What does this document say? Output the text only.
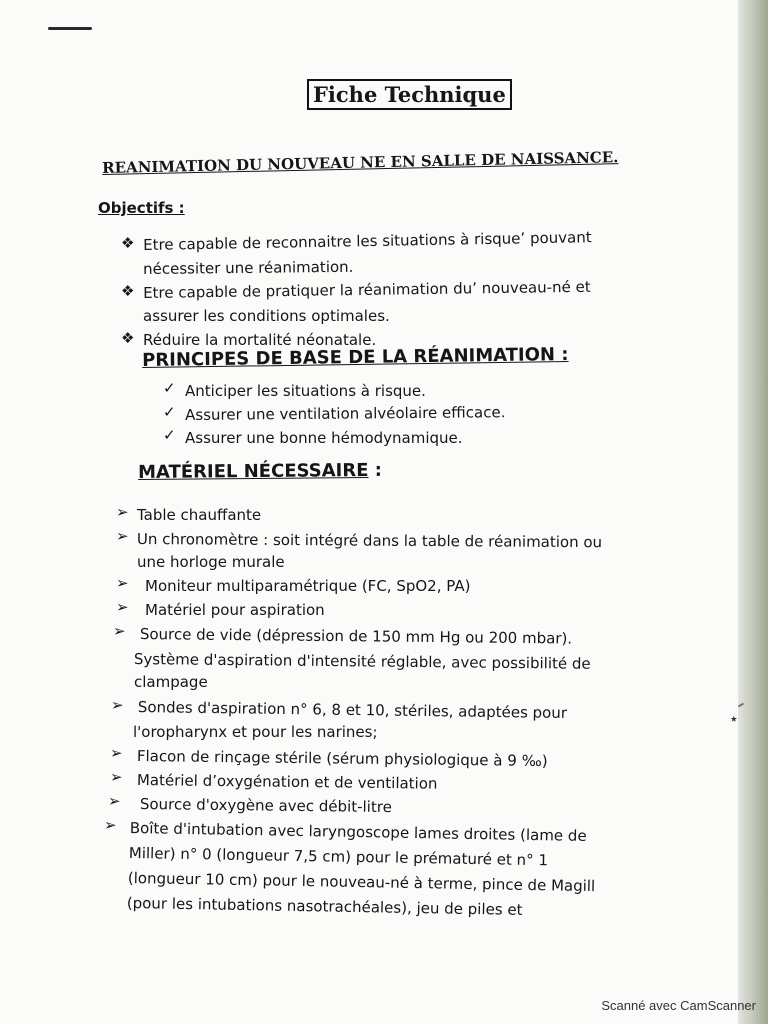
Fiche Technique
REANIMATION DU NOUVEAU NE EN SALLE DE NAISSANCE.
Objectifs :
❖ Etre capable de reconnaitre les situations à risque’ pouvant
nécessiter une réanimation.
❖ Etre capable de pratiquer la réanimation du’ nouveau-né et
assurer les conditions optimales.
❖ Réduire la mortalité néonatale.
PRINCIPES DE BASE DE LA RÉANIMATION :
✓ Anticiper les situations à risque.
✓ Assurer une ventilation alvéolaire efficace.
✓ Assurer une bonne hémodynamique.
MATÉRIEL NÉCESSAIRE :
➢ Table chauffante
➢ Un chronomètre : soit intégré dans la table de réanimation ou
une horloge murale
➢ Moniteur multiparamétrique (FC, SpO2, PA)
➢ Matériel pour aspiration
➢ Source de vide (dépression de 150 mm Hg ou 200 mbar).
Système d'aspiration d'intensité réglable, avec possibilité de
clampage
➢ Sondes d'aspiration n° 6, 8 et 10, stériles, adaptées pour
l'oropharynx et pour les narines;
➢ Flacon de rinçage stérile (sérum physiologique à 9 ‰)
➢ Matériel d’oxygénation et de ventilation
➢ Source d'oxygène avec débit-litre
➢ Boîte d'intubation avec laryngoscope lames droites (lame de
Miller) n° 0 (longueur 7,5 cm) pour le prématuré et n° 1
(longueur 10 cm) pour le nouveau-né à terme, pince de Magill
(pour les intubations nasotrachéales), jeu de piles et
٭
Scanné avec CamScanner
